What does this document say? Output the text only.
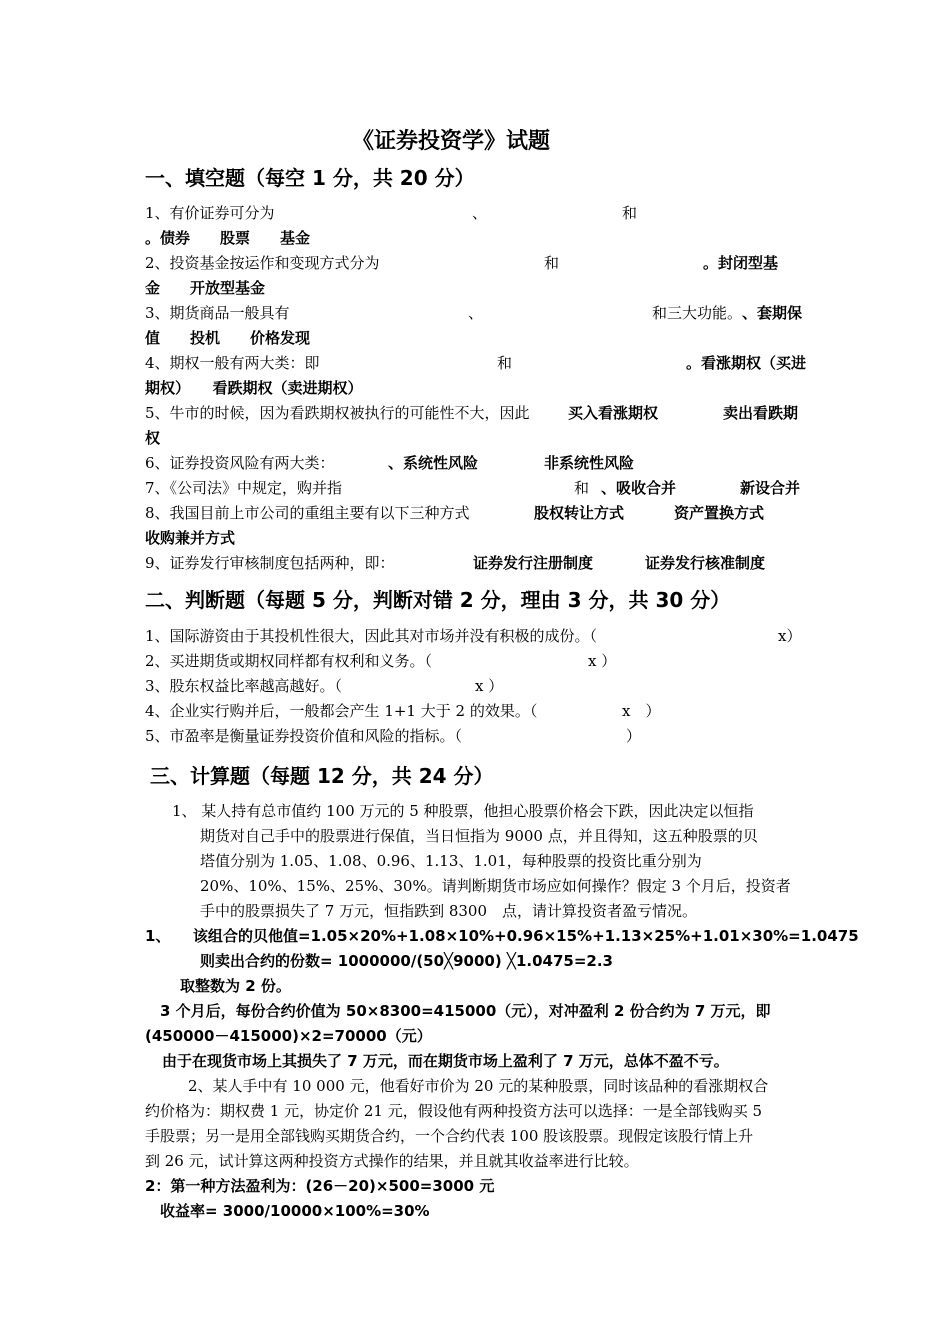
《证券投资学》试题
一、填空题（每空 1 分，共 20 分）
1、有价证券可分为	、	和
。债券　　股票　　基金
2、投资基金按运作和变现方式分为	和	。封闭型基
金　　开放型基金
3、期货商品一般具有	、	和三大功能。 、套期保
值　　投机　　价格发现
4、期权一般有两大类：即	和	。看涨期权（买进
期权）　　看跌期权（卖进期权）
5、牛市的时候，因为看跌期权被执行的可能性不大，因此	买入看涨期权	卖出看跌期
权
6、证券投资风险有两大类：	、系统性风险	非系统性风险
7、《公司法》中规定，购并指	和 、吸收合并	新设合并
8、我国目前上市公司的重组主要有以下三种方式	股权转让方式	资产置换方式
收购兼并方式
9、证券发行审核制度包括两种，即：	证券发行注册制度	证券发行核准制度
二、判断题（每题 5 分，判断对错 2 分，理由 3 分，共 30 分）
1、国际游资由于其投机性很大，因此其对市场并没有积极的成份。（	x）
2、买进期货或期权同样都有权利和义务。（	x ）
3、股东权益比率越高越好。（	x ）
4、企业实行购并后，一般都会产生 1+1 大于 2 的效果。（	x　）
5、市盈率是衡量证券投资价值和风险的指标。（	）
三、计算题（每题 12 分，共 24 分）
1、 某人持有总市值约 100 万元的 5 种股票，他担心股票价格会下跌，因此决定以恒指
期货对自己手中的股票进行保值，当日恒指为 9000 点，并且得知，这五种股票的贝
塔值分别为 1.05、1.08、0.96、1.13、1.01，每种股票的投资比重分别为
20%、10%、15%、25%、30%。请判断期货市场应如何操作？假定 3 个月后，投资者
手中的股票损失了 7 万元，恒指跌到 8300　点，请计算投资者盈亏情况。
1、　　该组合的贝他值=1.05×20%+1.08×10%+0.96×15%+1.13×25%+1.01×30%=1.0475
则卖出合约的份数= 1000000/(50╳9000) ╳1.0475=2.3
取整数为 2 份。
3 个月后，每份合约价值为 50×8300=415000（元），对冲盈利 2 份合约为 7 万元，即
(450000－415000)×2=70000（元）
由于在现货市场上其损失了 7 万元，而在期货市场上盈利了 7 万元，总体不盈不亏。
2、某人手中有 10 000 元，他看好市价为 20 元的某种股票，同时该品种的看涨期权合
约价格为：期权费 1 元，协定价 21 元，假设他有两种投资方法可以选择：一是全部钱购买 5
手股票；另一是用全部钱购买期货合约，一个合约代表 100 股该股票。现假定该股行情上升
到 26 元，试计算这两种投资方式操作的结果，并且就其收益率进行比较。
2：第一种方法盈利为：(26－20)×500=3000 元
收益率= 3000/10000×100%=30%
